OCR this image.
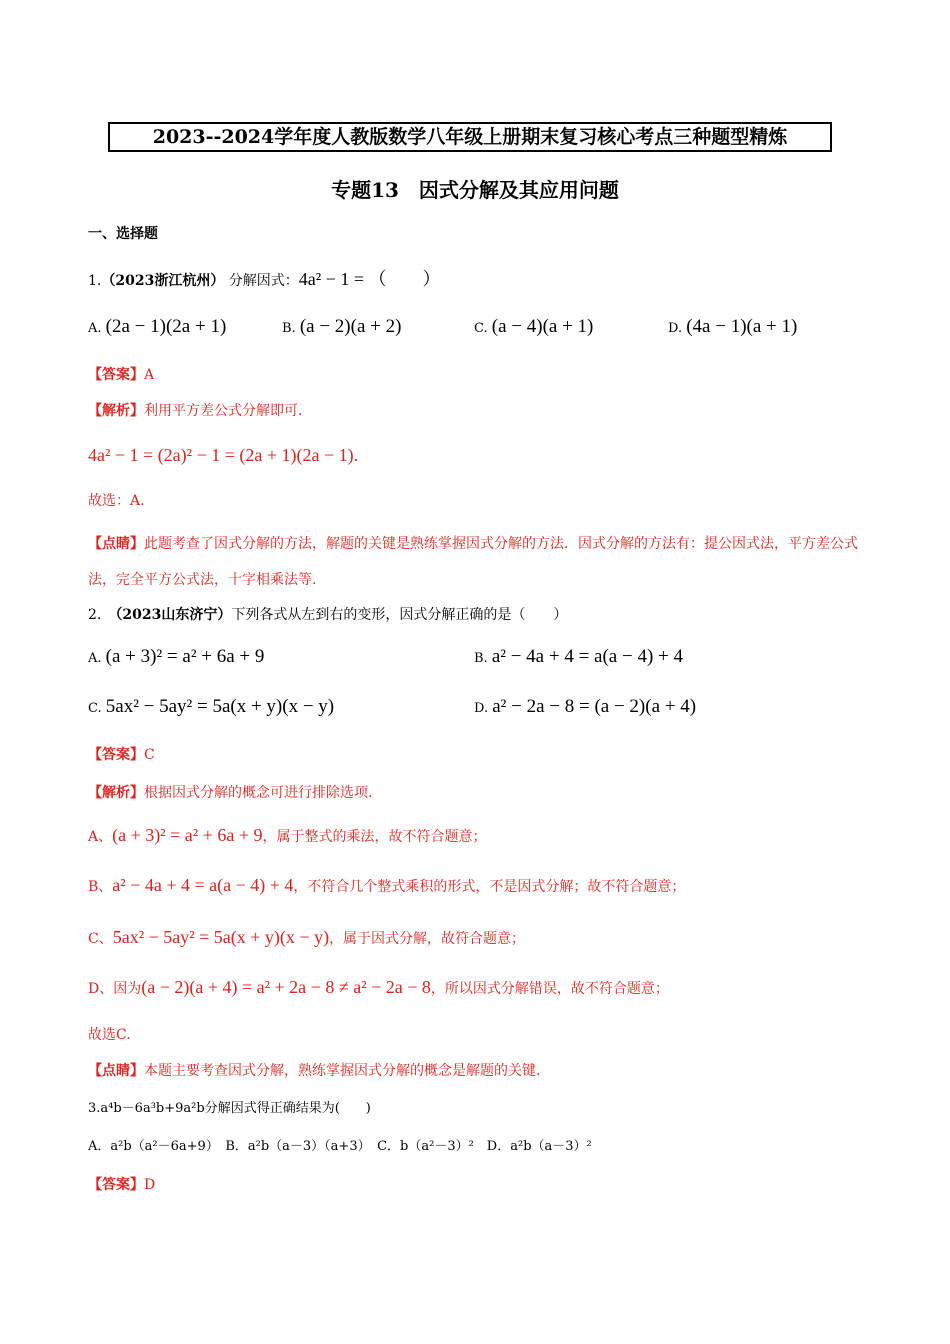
2023--2024学年度人教版数学八年级上册期末复习核心考点三种题型精炼
专题13　因式分解及其应用问题
一、选择题
1.（2023浙江杭州） 分解因式：4a² − 1 = （　　）
A. (2a − 1)(2a + 1)	B. (a − 2)(a + 2)	C. (a − 4)(a + 1)	D. (4a − 1)(a + 1)
【答案】A
【解析】利用平方差公式分解即可.
4a² − 1 = (2a)² − 1 = (2a + 1)(2a − 1).
故选：A.
【点睛】此题考查了因式分解的方法，解题的关键是熟练掌握因式分解的方法．因式分解的方法有：提公因式法，平方差公式法，完全平方公式法，十字相乘法等.
2.　 （2023山东济宁）下列各式从左到右的变形，因式分解正确的是（　　）
A. (a + 3)² = a² + 6a + 9	B. a² − 4a + 4 = a(a − 4) + 4
C. 5ax² − 5ay² = 5a(x + y)(x − y)	D. a² − 2a − 8 = (a − 2)(a + 4)
【答案】C
【解析】根据因式分解的概念可进行排除选项.
A、(a + 3)² = a² + 6a + 9，属于整式的乘法，故不符合题意；
B、a² − 4a + 4 = a(a − 4) + 4，不符合几个整式乘积的形式，不是因式分解；故不符合题意；
C、5ax² − 5ay² = 5a(x + y)(x − y)，属于因式分解，故符合题意；
D、因为(a − 2)(a + 4) = a² + 2a − 8 ≠ a² − 2a − 8，所以因式分解错误，故不符合题意；
故选C.
【点睛】本题主要考查因式分解，熟练掌握因式分解的概念是解题的关键.
3.a⁴b－6a³b+9a²b分解因式得正确结果为(　　)
A．a²b（a²－6a+9）　B．a²b（a－3）（a+3）　C．b（a²－3）²　D．a²b（a－3）²
【答案】D
